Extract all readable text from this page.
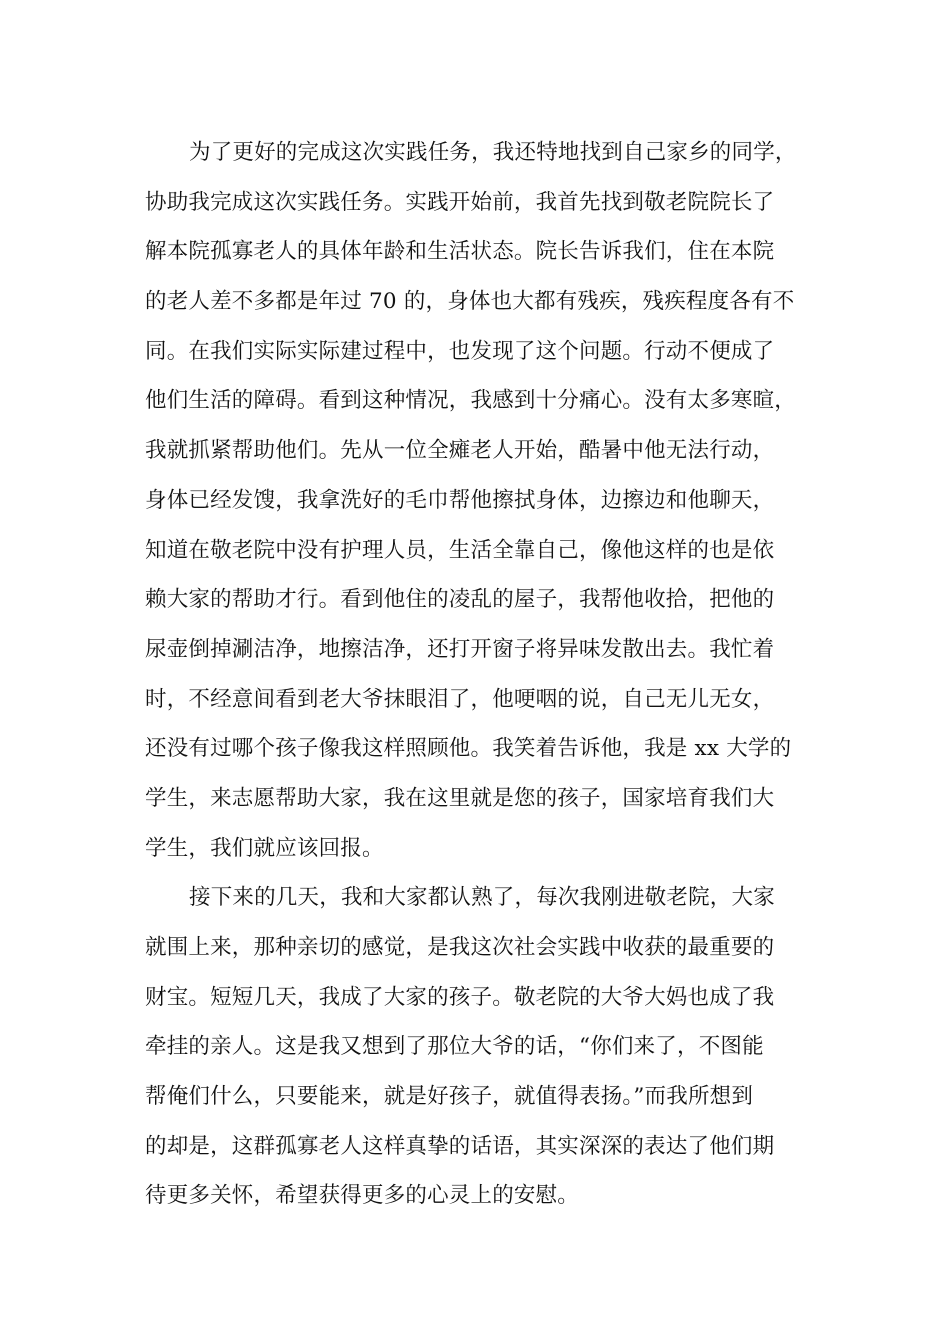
为了更好的完成这次实践任务，我还特地找到自己家乡的同学，
协助我完成这次实践任务。实践开始前，我首先找到敬老院院长了
解本院孤寡老人的具体年龄和生活状态。院长告诉我们，住在本院
的老人差不多都是年过 70 的，身体也大都有残疾，残疾程度各有不
同。在我们实际实际建过程中，也发现了这个问题。行动不便成了
他们生活的障碍。看到这种情况，我感到十分痛心。没有太多寒暄，
我就抓紧帮助他们。先从一位全瘫老人开始，酷暑中他无法行动，
身体已经发馊，我拿洗好的毛巾帮他擦拭身体，边擦边和他聊天，
知道在敬老院中没有护理人员，生活全靠自己，像他这样的也是依
赖大家的帮助才行。看到他住的凌乱的屋子，我帮他收拾，把他的
尿壶倒掉涮洁净，地擦洁净，还打开窗子将异味发散出去。我忙着
时，不经意间看到老大爷抹眼泪了，他哽咽的说，自己无儿无女，
还没有过哪个孩子像我这样照顾他。我笑着告诉他，我是 xx 大学的
学生，来志愿帮助大家，我在这里就是您的孩子，国家培育我们大
学生，我们就应该回报。
接下来的几天，我和大家都认熟了，每次我刚进敬老院，大家
就围上来，那种亲切的感觉，是我这次社会实践中收获的最重要的
财宝。短短几天，我成了大家的孩子。敬老院的大爷大妈也成了我
牵挂的亲人。这是我又想到了那位大爷的话，“你们来了，不图能
帮俺们什么，只要能来，就是好孩子，就值得表扬。”而我所想到
的却是，这群孤寡老人这样真挚的话语，其实深深的表达了他们期
待更多关怀，希望获得更多的心灵上的安慰。
